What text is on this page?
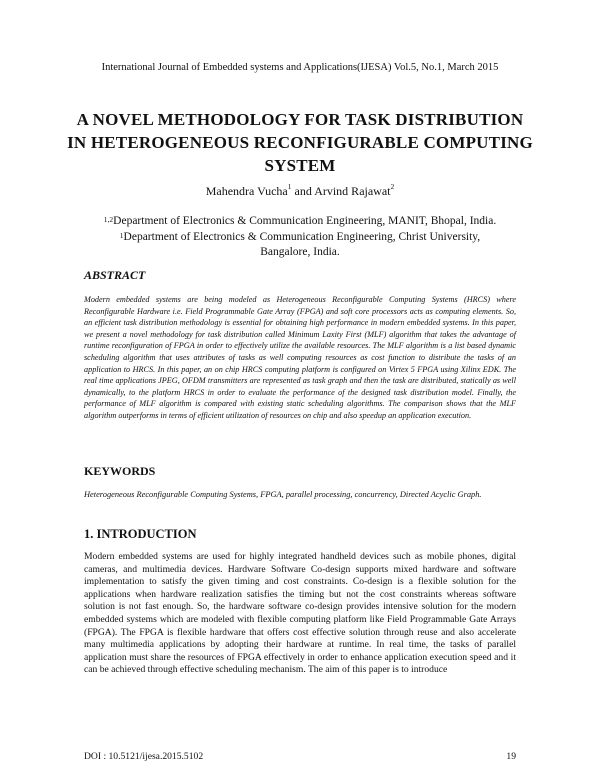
International Journal of Embedded systems and Applications(IJESA) Vol.5, No.1, March 2015
A NOVEL METHODOLOGY FOR TASK DISTRIBUTION
IN HETEROGENEOUS RECONFIGURABLE COMPUTING
SYSTEM
Mahendra Vucha$^1$ and Arvind Rajawat$^2$
$^{1,2}$Department of Electronics & Communication Engineering, MANIT, Bhopal, India.
$^1$Department of Electronics & Communication Engineering, Christ University,
Bangalore, India.
ABSTRACT

Modern embedded systems are being modeled as Heterogeneous Reconfigurable Computing Systems (HRCS) where Reconfigurable Hardware i.e. Field Programmable Gate Array (FPGA) and soft core processors acts as computing elements. So, an efficient task distribution methodology is essential for obtaining high performance in modern embedded systems. In this paper, we present a novel methodology for task distribution called Minimum Laxity First (MLF) algorithm that takes the advantage of runtime reconfiguration of FPGA in order to effectively utilize the available resources. The MLF algorithm is a list based dynamic scheduling algorithm that uses attributes of tasks as well computing resources as cost function to distribute the tasks of an application to HRCS. In this paper, an on chip HRCS computing platform is configured on Virtex 5 FPGA using Xilinx EDK. The real time applications JPEG, OFDM transmitters are represented as task graph and then the task are distributed, statically as well dynamically, to the platform HRCS in order to evaluate the performance of the designed task distribution model. Finally, the performance of MLF algorithm is compared with existing static scheduling algorithms. The comparison shows that the MLF algorithm outperforms in terms of efficient utilization of resources on chip and also speedup an application execution.

KEYWORDS

Heterogeneous Reconfigurable Computing Systems, FPGA, parallel processing, concurrency, Directed Acyclic Graph.

1. INTRODUCTION

Modern embedded systems are used for highly integrated handheld devices such as mobile phones, digital cameras, and multimedia devices. Hardware Software Co-design supports mixed hardware and software implementation to satisfy the given timing and cost constraints. Co-design is a flexible solution for the applications when hardware realization satisfies the timing but not the cost constraints whereas software solution is not fast enough. So, the hardware software co-design provides intensive solution for the modern embedded systems which are modeled with flexible computing platform like Field Programmable Gate Arrays (FPGA). The FPGA is flexible hardware that offers cost effective solution through reuse and also accelerate many multimedia applications by adopting their hardware at runtime. In real time, the tasks of parallel application must share the resources of FPGA effectively in order to enhance application execution speed and it can be achieved through effective scheduling mechanism. The aim of this paper is to introduce

DOI : 10.5121/ijesa.2015.5102	19
